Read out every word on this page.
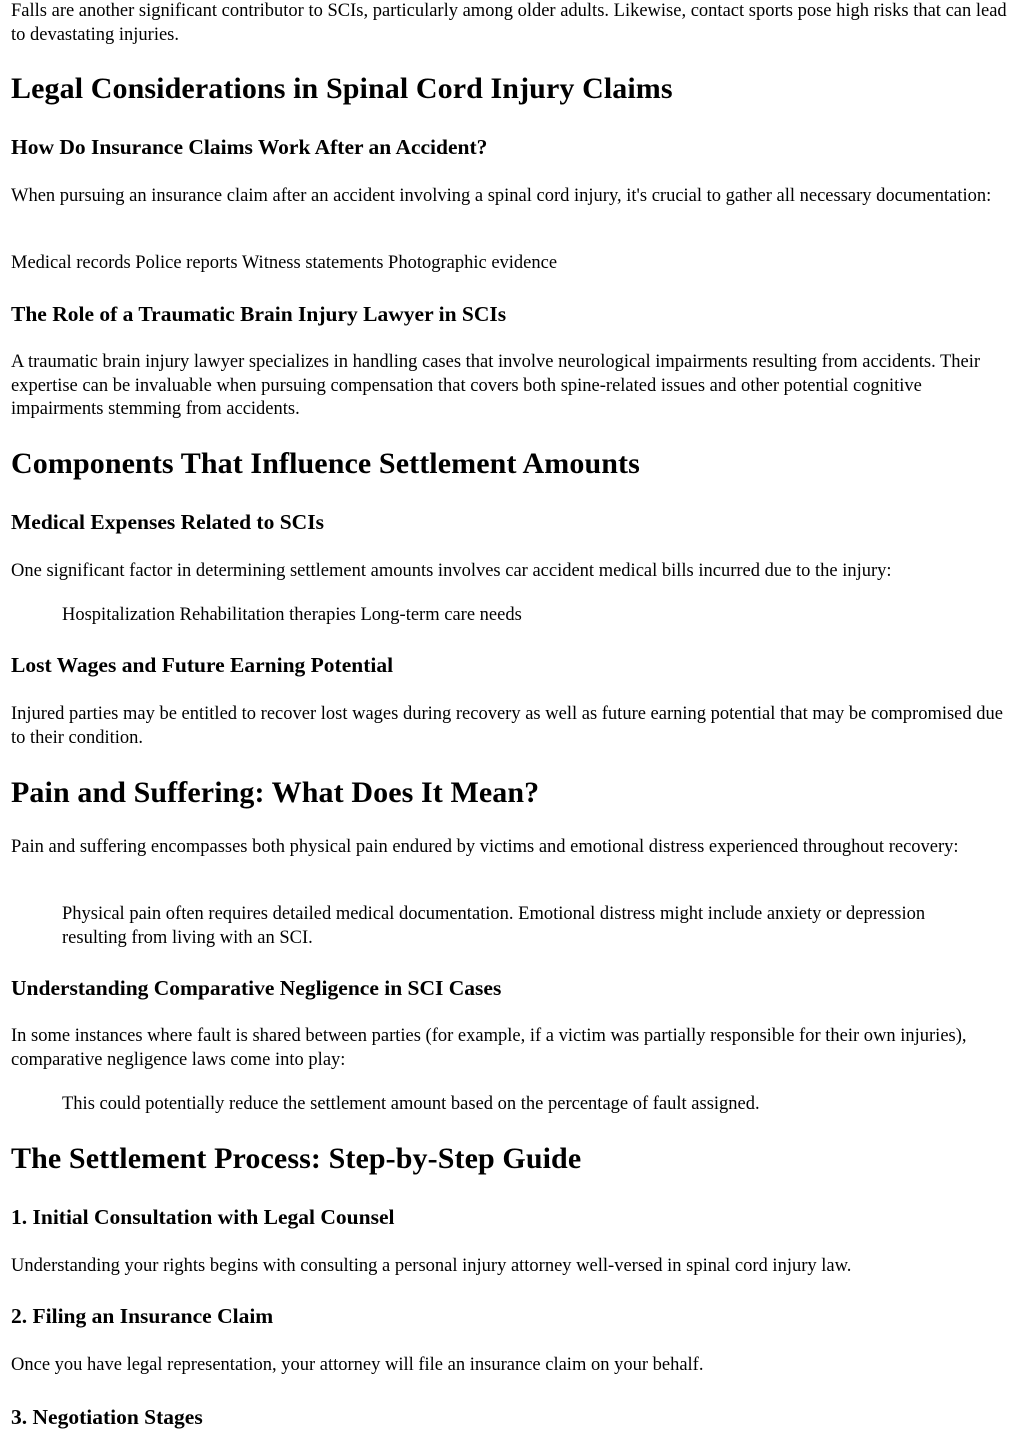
Falls are another significant contributor to SCIs, particularly among older adults. Likewise, contact sports pose high risks that can lead to devastating injuries.

Legal Considerations in Spinal Cord Injury Claims
How Do Insurance Claims Work After an Accident?

When pursuing an insurance claim after an accident involving a spinal cord injury, it's crucial to gather all necessary documentation:

Medical records Police reports Witness statements Photographic evidence

The Role of a Traumatic Brain Injury Lawyer in SCIs

A traumatic brain injury lawyer specializes in handling cases that involve neurological impairments resulting from accidents. Their expertise can be invaluable when pursuing compensation that covers both spine-related issues and other potential cognitive impairments stemming from accidents.

Components That Influence Settlement Amounts
Medical Expenses Related to SCIs

One significant factor in determining settlement amounts involves car accident medical bills incurred due to the injury:

Hospitalization Rehabilitation therapies Long-term care needs

Lost Wages and Future Earning Potential

Injured parties may be entitled to recover lost wages during recovery as well as future earning potential that may be compromised due to their condition.

Pain and Suffering: What Does It Mean?

Pain and suffering encompasses both physical pain endured by victims and emotional distress experienced throughout recovery:

Physical pain often requires detailed medical documentation. Emotional distress might include anxiety or depression resulting from living with an SCI.

Understanding Comparative Negligence in SCI Cases

In some instances where fault is shared between parties (for example, if a victim was partially responsible for their own injuries), comparative negligence laws come into play:

This could potentially reduce the settlement amount based on the percentage of fault assigned.

The Settlement Process: Step-by-Step Guide
1. Initial Consultation with Legal Counsel

Understanding your rights begins with consulting a personal injury attorney well-versed in spinal cord injury law.

2. Filing an Insurance Claim

Once you have legal representation, your attorney will file an insurance claim on your behalf.

3. Negotiation Stages
